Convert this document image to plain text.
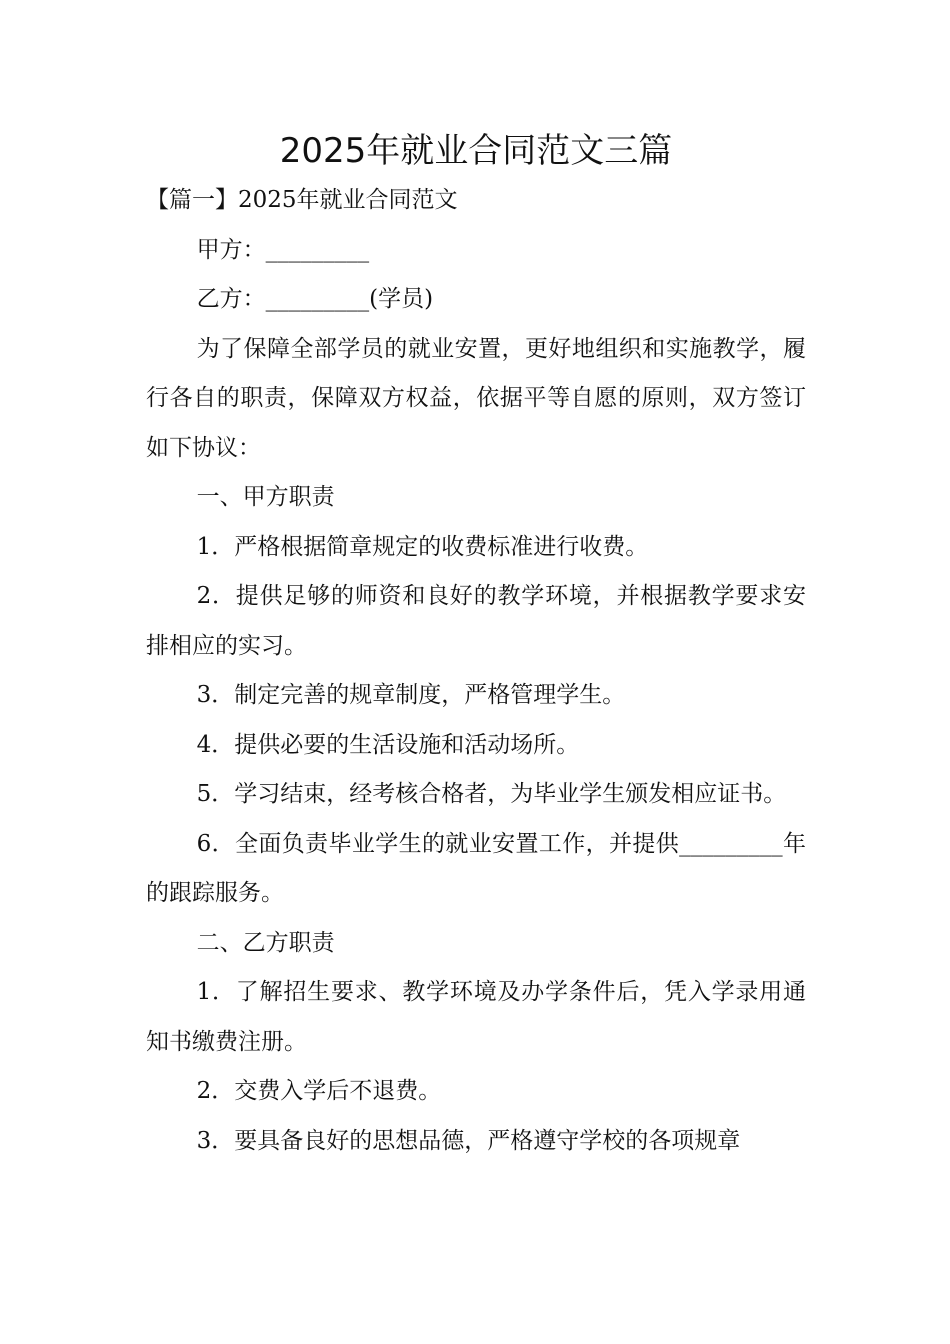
2025年就业合同范文三篇
【篇一】2025年就业合同范文

甲方：_________

乙方：_________(学员)

为了保障全部学员的就业安置，更好地组织和实施教学，履行各自的职责，保障双方权益，依据平等自愿的原则，双方签订如下协议：

一、甲方职责

1．严格根据简章规定的收费标准进行收费。

2．提供足够的师资和良好的教学环境，并根据教学要求安排相应的实习。

3．制定完善的规章制度，严格管理学生。

4．提供必要的生活设施和活动场所。

5．学习结束，经考核合格者，为毕业学生颁发相应证书。

6．全面负责毕业学生的就业安置工作，并提供_________年的跟踪服务。

二、乙方职责

1．了解招生要求、教学环境及办学条件后，凭入学录用通知书缴费注册。

2．交费入学后不退费。

3．要具备良好的思想品德，严格遵守学校的各项规章
